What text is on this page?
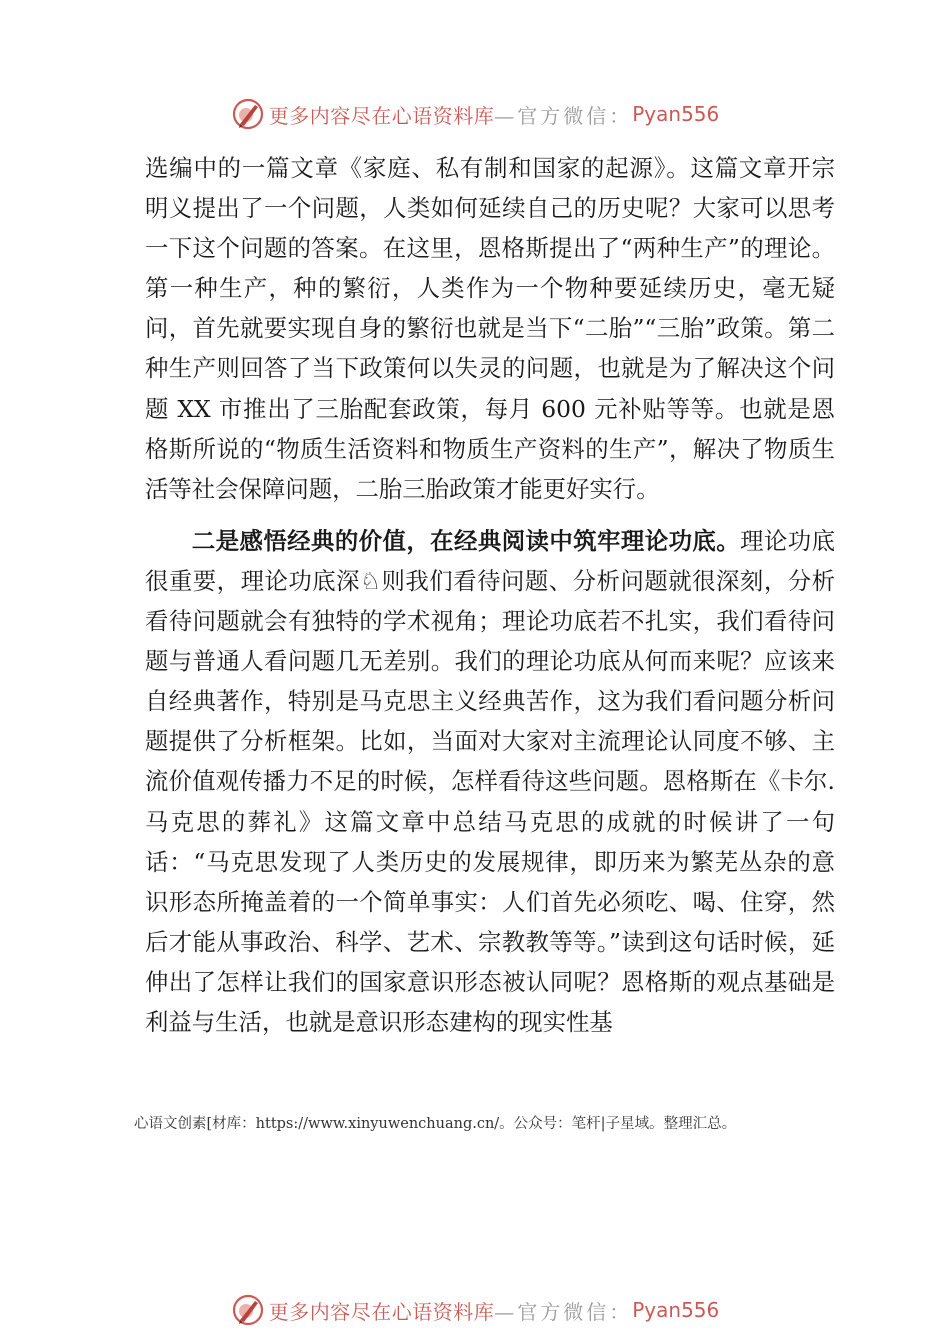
更多内容尽在心语资料库 —官方微信： Pyan556

选编中的一篇文章《家庭、私有制和国家的起源》。这篇文章开宗明义提出了一个问题，人类如何延续自己的历史呢？大家可以思考一下这个问题的答案。在这里，恩格斯提出了“两种生产”的理论。第一种生产，种的繁衍，人类作为一个物种要延续历史，毫无疑问，首先就要实现自身的繁衍也就是当下“二胎”“三胎”政策。第二种生产则回答了当下政策何以失灵的问题，也就是为了解决这个问题 XX 市推出了三胎配套政策，每月 600 元补贴等等。也就是恩格斯所说的“物质生活资料和物质生产资料的生产”，解决了物质生活等社会保障问题，二胎三胎政策才能更好实行。

二是感悟经典的价值，在经典阅读中筑牢理论功底。理论功底很重要，理论功底深♘则我们看待问题、分析问题就很深刻，分析看待问题就会有独特的学术视角；理论功底若不扎实，我们看待问题与普通人看问题几无差别。我们的理论功底从何而来呢？应该来自经典著作，特别是马克思主义经典苦作，这为我们看问题分析问题提供了分析框架。比如，当面对大家对主流理论认同度不够、主流价值观传播力不足的时候，怎样看待这些问题。恩格斯在《卡尔.马克思的葬礼》这篇文章中总结马克思的成就的时候讲了一句话：“马克思发现了人类历史的发展规律，即历来为繁芜丛杂的意识形态所掩盖着的一个简单事实：人们首先必须吃、喝、住穿，然后才能从事政治、科学、艺术、宗教教等等。”读到这句话时候，延伸出了怎样让我们的国家意识形态被认同呢？恩格斯的观点基础是利益与生活，也就是意识形态建构的现实性基

心语文创素[材库：https://www.xinyuwenchuang.cn/。公众号：笔杆|子星域。整理汇总。
更多内容尽在心语资料库 —官方微信： Pyan556
